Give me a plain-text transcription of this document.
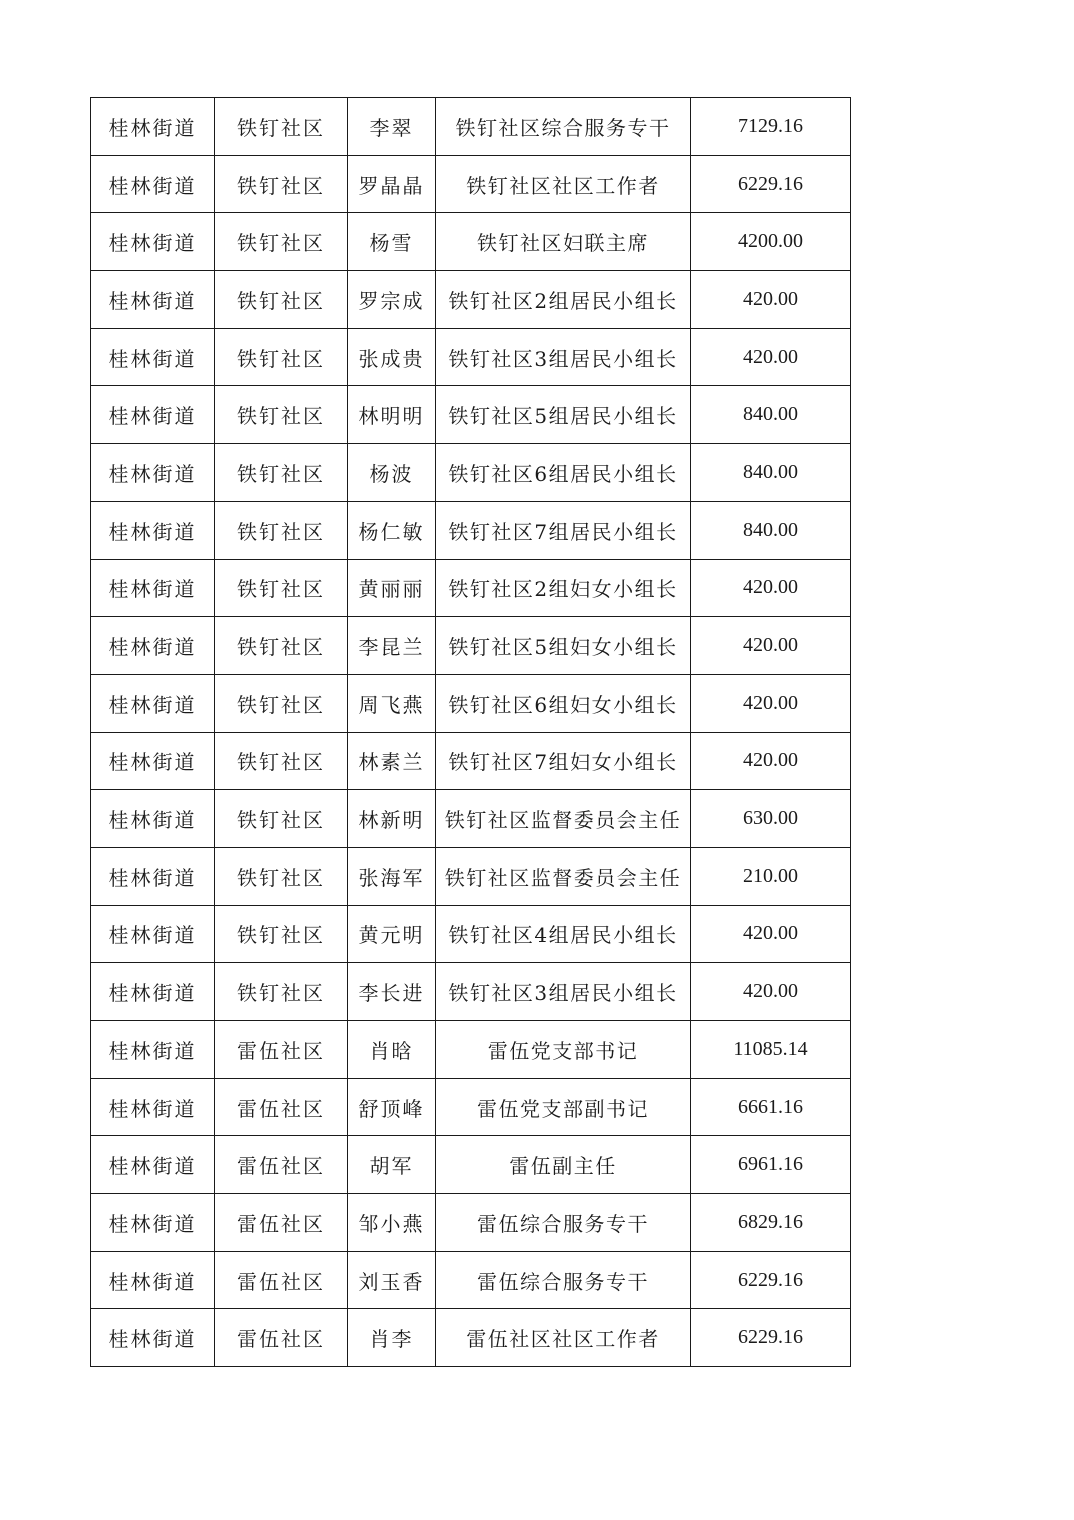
桂林街道	铁钉社区	李翠	铁钉社区综合服务专干	7129.16
桂林街道	铁钉社区	罗晶晶	铁钉社区社区工作者	6229.16
桂林街道	铁钉社区	杨雪	铁钉社区妇联主席	4200.00
桂林街道	铁钉社区	罗宗成	铁钉社区2组居民小组长	420.00
桂林街道	铁钉社区	张成贵	铁钉社区3组居民小组长	420.00
桂林街道	铁钉社区	林明明	铁钉社区5组居民小组长	840.00
桂林街道	铁钉社区	杨波	铁钉社区6组居民小组长	840.00
桂林街道	铁钉社区	杨仁敏	铁钉社区7组居民小组长	840.00
桂林街道	铁钉社区	黄丽丽	铁钉社区2组妇女小组长	420.00
桂林街道	铁钉社区	李昆兰	铁钉社区5组妇女小组长	420.00
桂林街道	铁钉社区	周飞燕	铁钉社区6组妇女小组长	420.00
桂林街道	铁钉社区	林素兰	铁钉社区7组妇女小组长	420.00
桂林街道	铁钉社区	林新明	铁钉社区监督委员会主任	630.00
桂林街道	铁钉社区	张海军	铁钉社区监督委员会主任	210.00
桂林街道	铁钉社区	黄元明	铁钉社区4组居民小组长	420.00
桂林街道	铁钉社区	李长进	铁钉社区3组居民小组长	420.00
桂林街道	雷伍社区	肖晗	雷伍党支部书记	11085.14
桂林街道	雷伍社区	舒顶峰	雷伍党支部副书记	6661.16
桂林街道	雷伍社区	胡军	雷伍副主任	6961.16
桂林街道	雷伍社区	邹小燕	雷伍综合服务专干	6829.16
桂林街道	雷伍社区	刘玉香	雷伍综合服务专干	6229.16
桂林街道	雷伍社区	肖李	雷伍社区社区工作者	6229.16
